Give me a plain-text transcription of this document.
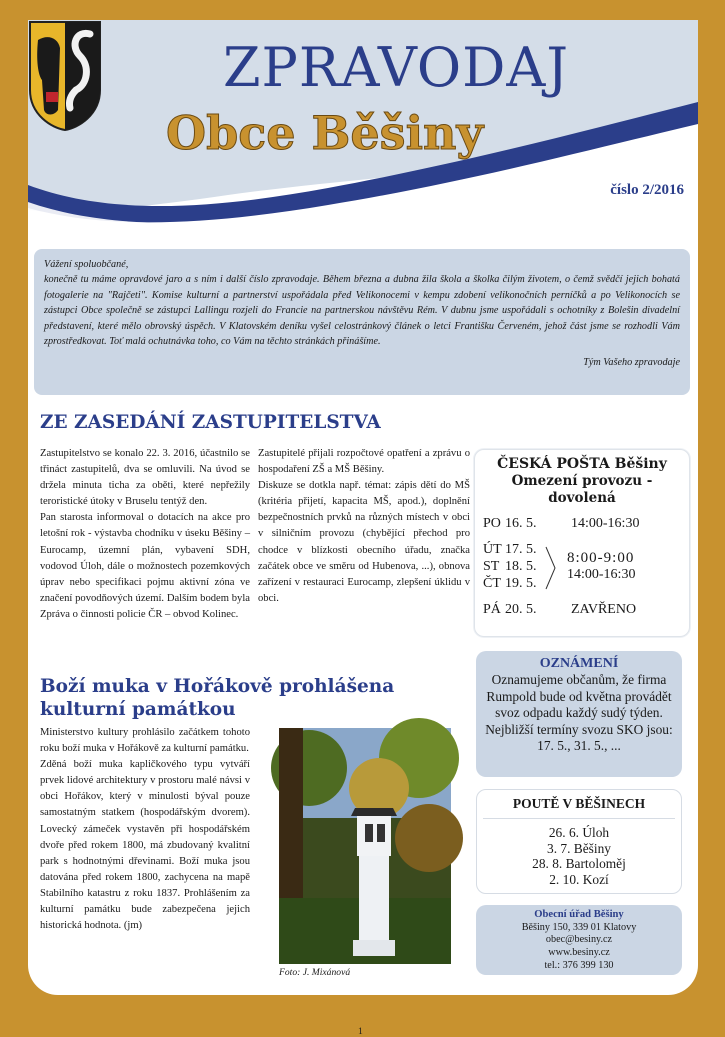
ZPRAVODAJ
Obce Běšiny
číslo 2/2016

Vážení spoluobčané,

konečně tu máme opravdové jaro a s ním i další číslo zpravodaje. Během března a dubna žila škola a školka čilým životem, o čemž svědčí jejich bohatá fotogalerie na "Rajčeti". Komise kulturní a partnerství uspořádala před Velikonocemi v kempu zdobení velikonočních perníčků a po Velikonocích se zástupci Obce společně se zástupci Lallingu rozjeli do Francie na partnerskou návštěvu Rém. V dubnu jsme uspořádali s ochotníky z Bolešin divadelní představení, které mělo obrovský úspěch. V Klatovském deníku vyšel celostránkový článek o letci Františku Červeném, jehož část jsme se rozhodli Vám zprostředkovat. Toť malá ochutnávka toho, co Vám na těchto stránkách přinášíme.

Tým Vašeho zpravodaje

ZE ZASEDÁNÍ ZASTUPITELSTVA

Zastupitelstvo se konalo 22. 3. 2016, účastnilo se třináct zastupitelů, dva se omluvili. Na úvod se držela minuta ticha za oběti, které nepřežily teroristické útoky v Bruselu tentýž den.

Pan starosta informoval o dotacích na akce pro letošní rok - výstavba chodníku v úseku Běšiny – Eurocamp, územní plán, vybavení SDH, vodovod Úloh, dále o možnostech pozemkových úprav nebo specifikaci pojmu aktivní zóna ve značení povodňových území. Dalším bodem byla Zpráva o činnosti policie ČR – obvod Kolinec.

Zastupitelé přijali rozpočtové opatření a zprávu o hospodaření ZŠ a MŠ Běšiny.

Diskuze se dotkla např. témat: zápis dětí do MŠ (kritéria přijetí, kapacita MŠ, apod.), doplnění bezpečnostních prvků na různých místech v obci v silničním provozu (chybějící přechod pro chodce v blízkosti obecního úřadu, značka začátek obce ve směru od Hubenova, ...), obnova zařízení v restauraci Eurocamp, zlepšení úklidu v obci.

ČESKÁ POŠTA Běšiny
Omezení provozu - dovolená
PO 16. 5. 14:00-16:30
ÚT 17. 5.
ST 18. 5.
ČT 19. 5.
8:00-9:00
14:00-16:30
PÁ 20. 5. ZAVŘENO
OZNÁMENÍ
Oznamujeme občanům, že firma Rumpold bude od května provádět svoz odpadu každý sudý týden. Nejbližší termíny svozu SKO jsou:
17. 5., 31. 5., ...
POUTĚ V BĚŠINECH
26. 6. Úloh
3. 7. Běšiny
28. 8. Bartoloměj
2. 10. Kozí
Obecní úřad Běšiny
Běšiny 150, 339 01 Klatovy
obec@besiny.cz
www.besiny.cz
tel.: 376 399 130
Boží muka v Hořákově prohlášena
kulturní památkou

Ministerstvo kultury prohlásilo začátkem tohoto roku boží muka v Hořákově za kulturní památku.

Zděná boží muka kapličkového typu vytváří prvek lidové architektury v prostoru malé návsi v obci Hořákov, který v minulosti býval pouze samostatným statkem (hospodářským dvorem). Lovecký zámeček vystavěn při hospodářském dvoře před rokem 1800, má zbudovaný kvalitní park s hodnotnými dřevinami. Boží muka jsou datována před rokem 1800, zachycena na mapě Stabilního katastru z roku 1837. Prohlášením za kulturní památku bude zabezpečena jejich historická hodnota. (jm)

Foto: J. Mixánová
1
